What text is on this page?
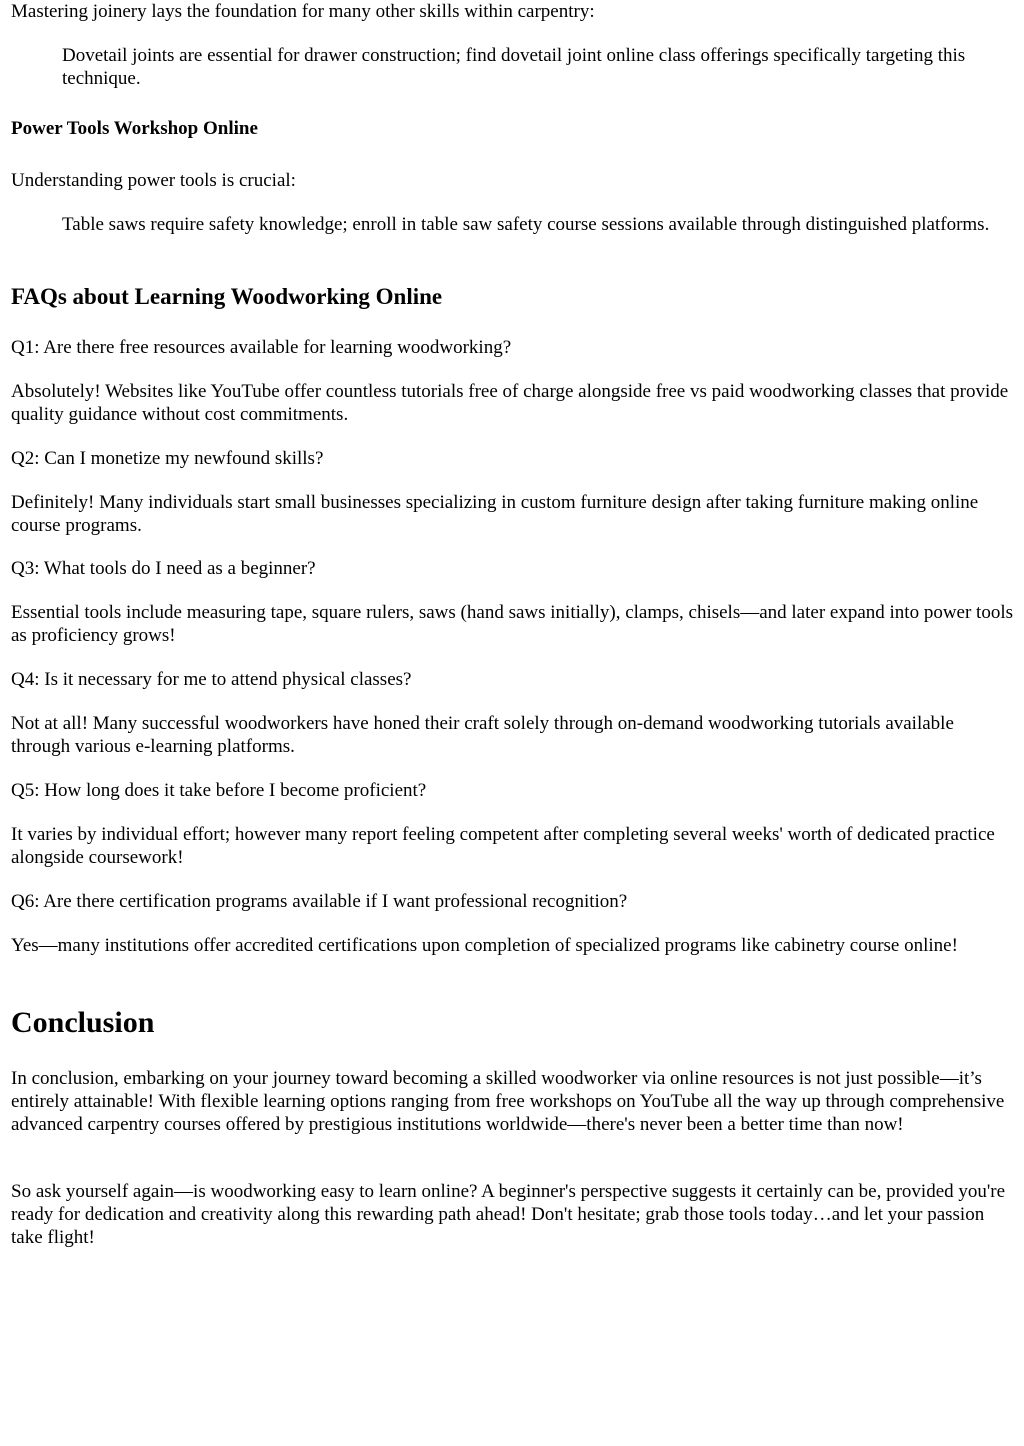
Mastering joinery lays the foundation for many other skills within carpentry:

Dovetail joints are essential for drawer construction; find dovetail joint online class offerings specifically targeting this technique.
Power Tools Workshop Online

Understanding power tools is crucial:

Table saws require safety knowledge; enroll in table saw safety course sessions available through distinguished platforms.
FAQs about Learning Woodworking Online

Q1: Are there free resources available for learning woodworking?

Absolutely! Websites like YouTube offer countless tutorials free of charge alongside free vs paid woodworking classes that provide quality guidance without cost commitments.

Q2: Can I monetize my newfound skills?

Definitely! Many individuals start small businesses specializing in custom furniture design after taking furniture making online course programs.

Q3: What tools do I need as a beginner?

Essential tools include measuring tape, square rulers, saws (hand saws initially), clamps, chisels—and later expand into power tools as proficiency grows!

Q4: Is it necessary for me to attend physical classes?

Not at all! Many successful woodworkers have honed their craft solely through on-demand woodworking tutorials available through various e-learning platforms.

Q5: How long does it take before I become proficient?

It varies by individual effort; however many report feeling competent after completing several weeks' worth of dedicated practice alongside coursework!

Q6: Are there certification programs available if I want professional recognition?

Yes—many institutions offer accredited certifications upon completion of specialized programs like cabinetry course online!

Conclusion

In conclusion, embarking on your journey toward becoming a skilled woodworker via online resources is not just possible—it’s entirely attainable! With flexible learning options ranging from free workshops on YouTube all the way up through comprehensive advanced carpentry courses offered by prestigious institutions worldwide—there's never been a better time than now!

So ask yourself again—is woodworking easy to learn online? A beginner's perspective suggests it certainly can be, provided you're ready for dedication and creativity along this rewarding path ahead! Don't hesitate; grab those tools today…and let your passion take flight!
